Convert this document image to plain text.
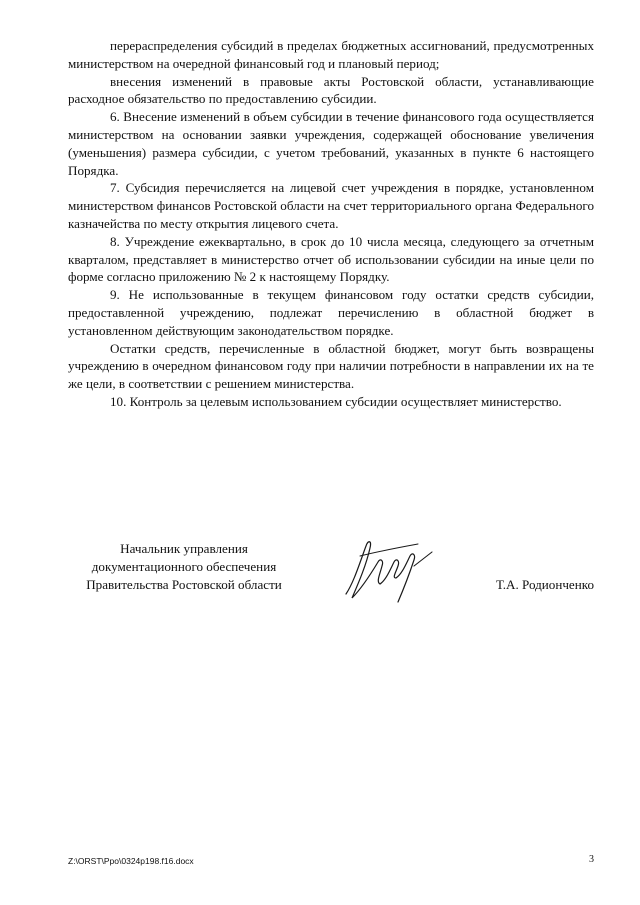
перераспределения субсидий в пределах бюджетных ассигнований, предусмотренных министерством на очередной финансовый год и плановый период;

внесения изменений в правовые акты Ростовской области, устанавливающие расходное обязательство по предоставлению субсидии.

6. Внесение изменений в объем субсидии в течение финансового года осуществляется министерством на основании заявки учреждения, содержащей обоснование увеличения (уменьшения) размера субсидии, с учетом требований, указанных в пункте 6 настоящего Порядка.

7. Субсидия перечисляется на лицевой счет учреждения в порядке, установленном министерством финансов Ростовской области на счет территориального органа Федерального казначейства по месту открытия лицевого счета.

8. Учреждение ежеквартально, в срок до 10 числа месяца, следующего за отчетным кварталом, представляет в министерство отчет об использовании субсидии на иные цели по форме согласно приложению № 2 к настоящему Порядку.

9. Не использованные в текущем финансовом году остатки средств субсидии, предоставленной учреждению, подлежат перечислению в областной бюджет в установленном действующим законодательством порядке.

Остатки средств, перечисленные в областной бюджет, могут быть возвращены учреждению в очередном финансовом году при наличии потребности в направлении их на те же цели, в соответствии с решением министерства.

10. Контроль за целевым использованием субсидии осуществляет министерство.

Начальник управления
документационного обеспечения
Правительства Ростовской области	Т.А. Родионченко
Z:\ORST\Ppo\0324p198.f16.docx	3
